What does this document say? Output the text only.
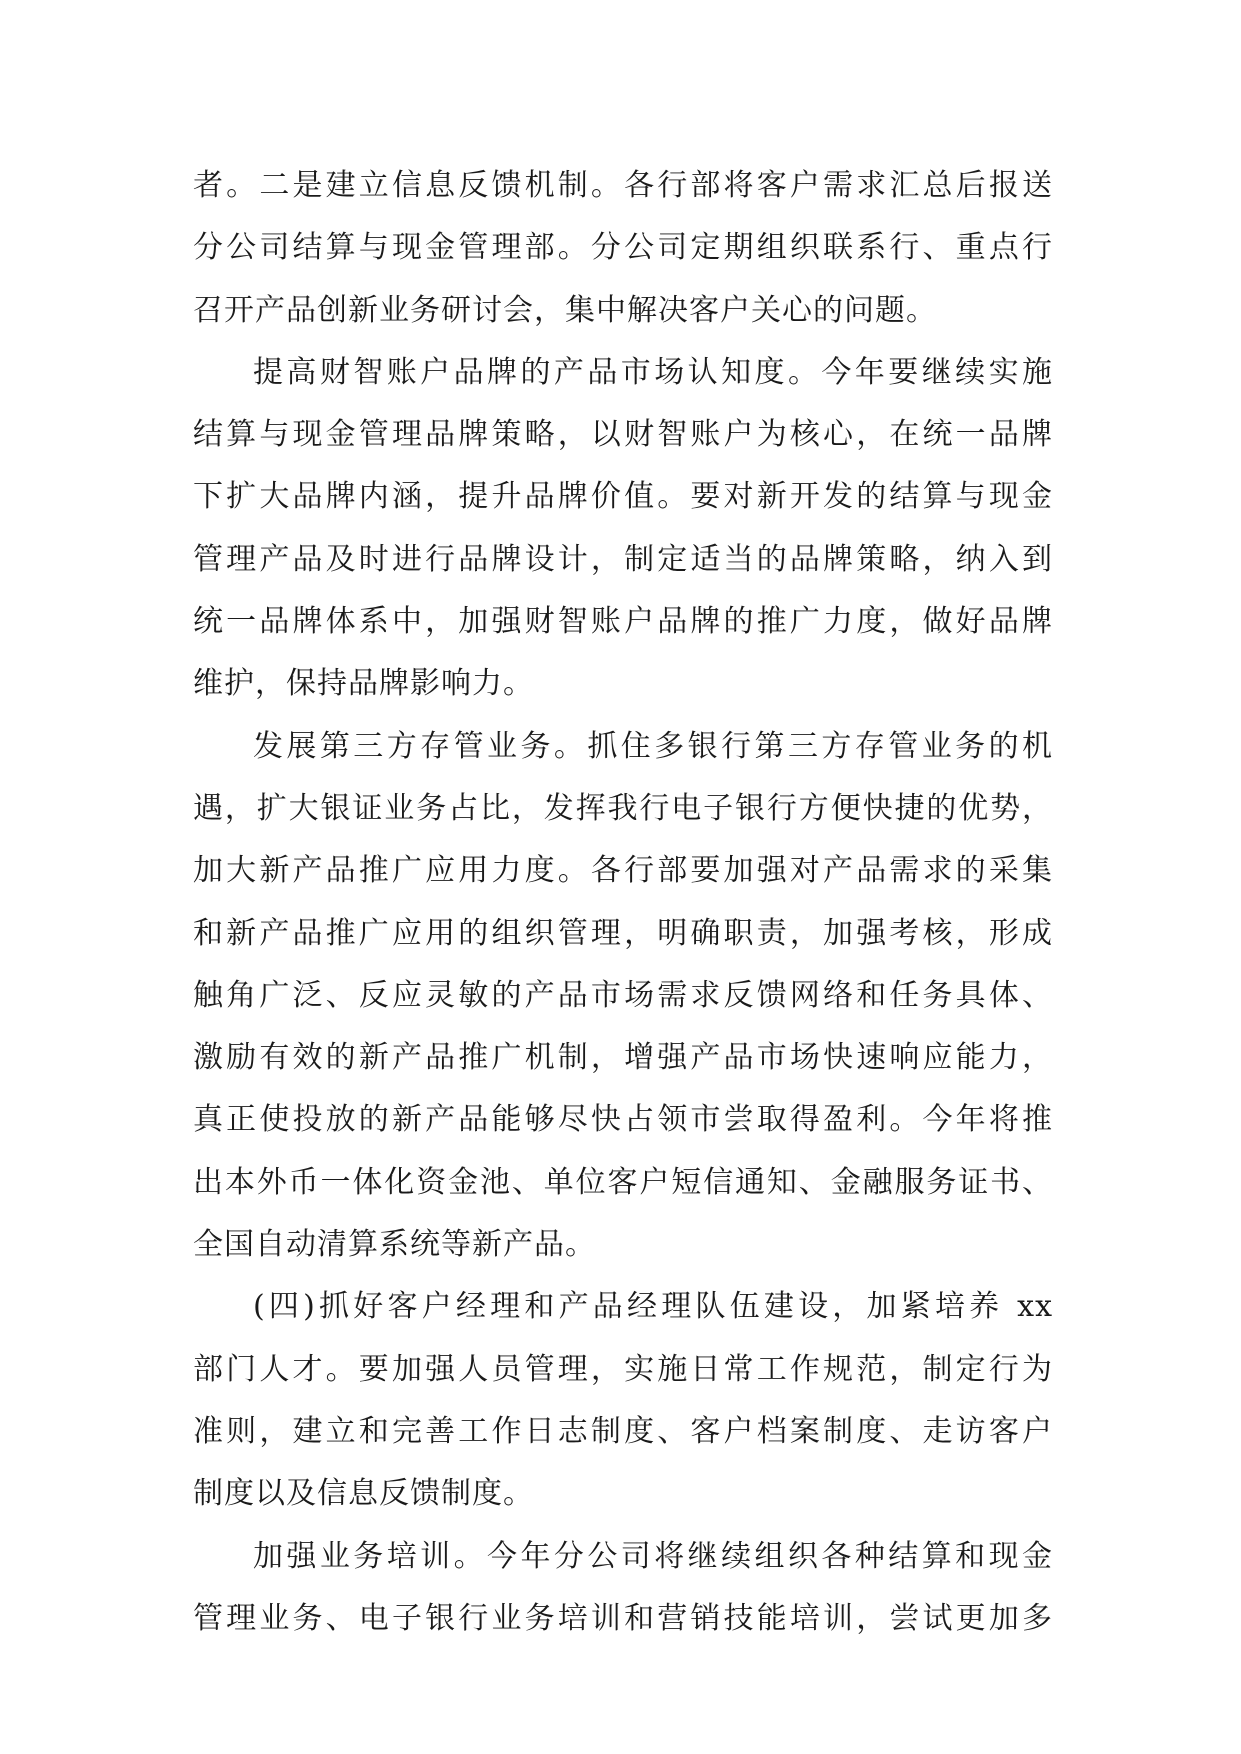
者。二是建立信息反馈机制。各行部将客户需求汇总后报送
分公司结算与现金管理部。分公司定期组织联系行、重点行
召开产品创新业务研讨会，集中解决客户关心的问题。
提高财智账户品牌的产品市场认知度。今年要继续实施
结算与现金管理品牌策略，以财智账户为核心，在统一品牌
下扩大品牌内涵，提升品牌价值。要对新开发的结算与现金
管理产品及时进行品牌设计，制定适当的品牌策略，纳入到
统一品牌体系中，加强财智账户品牌的推广力度，做好品牌
维护，保持品牌影响力。
发展第三方存管业务。抓住多银行第三方存管业务的机
遇，扩大银证业务占比，发挥我行电子银行方便快捷的优势，
加大新产品推广应用力度。各行部要加强对产品需求的采集
和新产品推广应用的组织管理，明确职责，加强考核，形成
触角广泛、反应灵敏的产品市场需求反馈网络和任务具体、
激励有效的新产品推广机制，增强产品市场快速响应能力，
真正使投放的新产品能够尽快占领市尝取得盈利。今年将推
出本外币一体化资金池、单位客户短信通知、金融服务证书、
全国自动清算系统等新产品。
(四)抓好客户经理和产品经理队伍建设，加紧培养 xx
部门人才。要加强人员管理，实施日常工作规范，制定行为
准则，建立和完善工作日志制度、客户档案制度、走访客户
制度以及信息反馈制度。
加强业务培训。今年分公司将继续组织各种结算和现金
管理业务、电子银行业务培训和营销技能培训，尝试更加多
